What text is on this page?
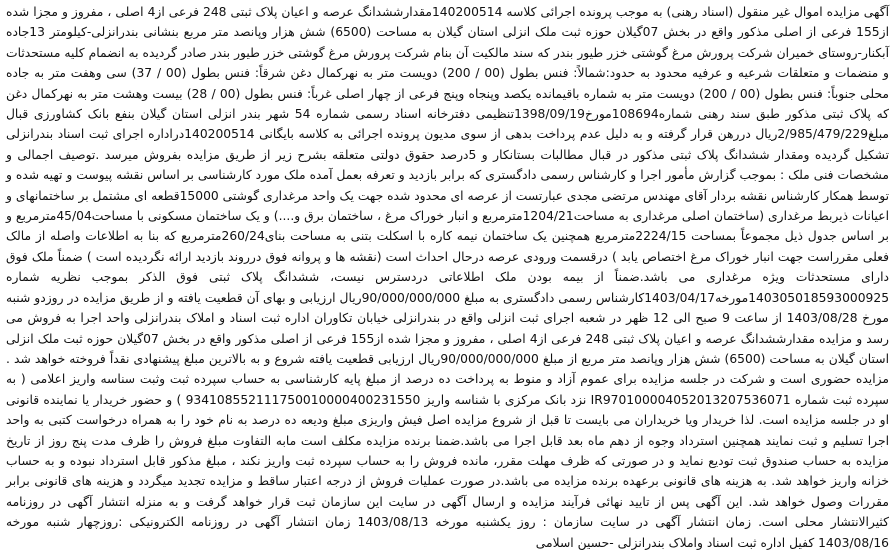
آگهی مزایده اموال غیر منقول (اسناد رهنی) به موجب پرونده اجرائی کلاسه 140200514مقدارششدانگ عرصه و اعیان پلاک ثبتی 248 فرعی از4 اصلی ، مفروز و مجزا شده از155 فرعی از اصلی مذکور واقع در بخش 07گیلان حوزه ثبت ملک انزلی استان گیلان به مساحت (6500) شش هزار وپانصد متر مربع بنشانی بندرانزلی-کیلومتر 13جاده آبکنار-روستای خمیران شرکت پرورش مرغ گوشتی خزر طیور بندر که سند مالکیت آن بنام شرکت پرورش مرغ گوشتی خزر طیور بندر صادر گردیده به انضمام کلیه مستحدثات و منضمات و متعلقات شرعیه و عرفیه محدود به حدود:شمالاً: فنس بطول (00 / 200) دویست متر به نهرکمال دغن شرقاً: فنس بطول (00 / 37) سی وهفت متر به جاده محلی جنوباً: فنس بطول (00 / 200) دویست متر به شماره باقیمانده یکصد وپنجاه وپنج فرعی از چهار اصلی غرباً: فنس بطول (00 / 28) بیست وهشت متر به نهرکمال دغن که پلاک ثبتی مذکور طبق سند رهنی شماره108694مورخ1398/09/19تنظیمی دفترخانه اسناد رسمی شماره 54 شهر بندر انزلی استان گیلان بنفع بانک کشاورزی قبال مبلغ2/985/479/229ریال دررهن قرار گرفته و به دلیل عدم پرداخت بدهی از سوی مدیون پرونده اجرائی به کلاسه بایگانی 140200514دراداره اجرای ثبت اسناد بندرانزلی تشکیل گردیده ومقدار ششدانگ پلاک ثبتی مذکور در قبال مطالبات بستانکار و 5درصد حقوق دولتی متعلقه بشرح زیر از طریق مزایده بفروش میرسد .توصیف اجمالی و مشخصات فنی ملک : بموجب گزارش مأمور اجرا و کارشناس رسمی دادگستری که برابر بازدید و تعرفه بعمل آمده ملک مورد کارشناسی بر اساس نقشه پیوست و تهیه شده و توسط همکار کارشناس نقشه بردار آقای مهندس مرتضی مجدی عبارتست از عرصه ای محدود شده جهت یک واحد مرغداری گوشتی 15000قطعه ای مشتمل بر ساختمانهای و اعیانات ذیربط مرغداری (ساختمان اصلی مرغداری به مساحت1204/21مترمربع و انبار خوراک مرغ ، ساختمان برق و....) و یک ساختمان مسکونی با مساحت45/04مترمربع و بر اساس جدول ذیل مجموعاً بمساحت 2224/15مترمربع همچنین یک ساختمان نیمه کاره با اسکلت بتنی به مساحت بنای260/24مترمربع که بنا به اطلاعات واصله از مالک فعلی مقرراست جهت انبار خوراک مرغ اختصاص یابد ) درقسمت ورودی عرصه درحال احداث است (نقشه ها و پروانه فوق درروند بازدید ارائه نگردیده است ) ضمناً ملک فوق دارای مستحدثات ویژه مرغداری می باشد.ضمناً از بیمه بودن ملک اطلاعاتی دردسترس نیست، ششدانگ پلاک ثبتی فوق الذکر بموجب نظریه شماره 140305018593000925مورخه1403/04/17کارشناس رسمی دادگستری به مبلغ 90/000/000/000ریال ارزیابی و بهای آن قطعیت یافته و از طریق مزایده در روزدو شنبه مورخ 1403/08/28 از ساعت 9 صبح الی 12 ظهر در شعبه اجرای ثبت انزلی واقع در بندرانزلی خیابان تکاوران اداره ثبت اسناد و املاک بندرانزلی واحد اجرا به فروش می رسد و مزایده مقدارششدانگ عرصه و اعیان پلاک ثبتی 248 فرعی از4 اصلی ، مفروز و مجزا شده از155 فرعی از اصلی مذکور واقع در بخش 07گیلان حوزه ثبت ملک انزلی استان گیلان به مساحت (6500) شش هزار وپانصد متر مربع از مبلغ 90/000/000/000ریال ارزیابی قطعیت یافته شروع و به بالاترین مبلغ پیشنهادی نقداً فروخته خواهد شد . مزایده حضوری است و شرکت در جلسه مزایده برای عموم آزاد و منوط به پرداخت ده درصد از مبلغ پایه کارشناسی به حساب سپرده ثبت وثبت سناسه واریز اعلامی ( به سپرده ثبت شماره IR970100004052013207536071 نزد بانک مرکزی با شناسه واریز 934108552111750010000400231550 ) و حضور خریدار یا نماینده قانونی او در جلسه مزایده است. لذا خریدار ویا خریداران می بایست تا قبل از شروع مزایده اصل فیش واریزی مبلغ ودیعه ده درصد به نام خود را به همراه درخواست کتبی به واحد اجرا تسلیم و ثبت نمایند همچنین استرداد وجوه از دهم ماه بعد قابل اجرا می باشد.ضمنا برنده مزایده مکلف است مابه التفاوت مبلغ فروش را ظرف مدت پنج روز از تاریخ مزایده به حساب صندوق ثبت تودیع نماید و در صورتی که ظرف مهلت مقرر، مانده فروش را به حساب سپرده ثبت واریز نکند ، مبلغ مذکور قابل استرداد نبوده و به حساب خزانه واریز خواهد شد. به هزینه های قانونی برعهده برنده مزایده می باشد.در صورت عملیات فروش از درجه اعتبار ساقط و مزایده تجدید میگردد و هزینه های قانونی برابر مقررات وصول خواهد شد. این آگهی پس از تایید نهائی فرآیند مزایده و ارسال آگهی در سایت این سازمان ثبت قرار خواهد گرفت و به منزله انتشار آگهی در روزنامه کثیرالانتشار محلی است. زمان انتشار آگهی در سایت سازمان : روز یکشنبه مورخه 1403/08/13 زمان انتشار آگهی در روزنامه الکترونیکی :روزچهار شنبه مورخه 1403/08/16 کفیل اداره ثبت اسناد واملاک بندرانزلی -حسین اسلامی
